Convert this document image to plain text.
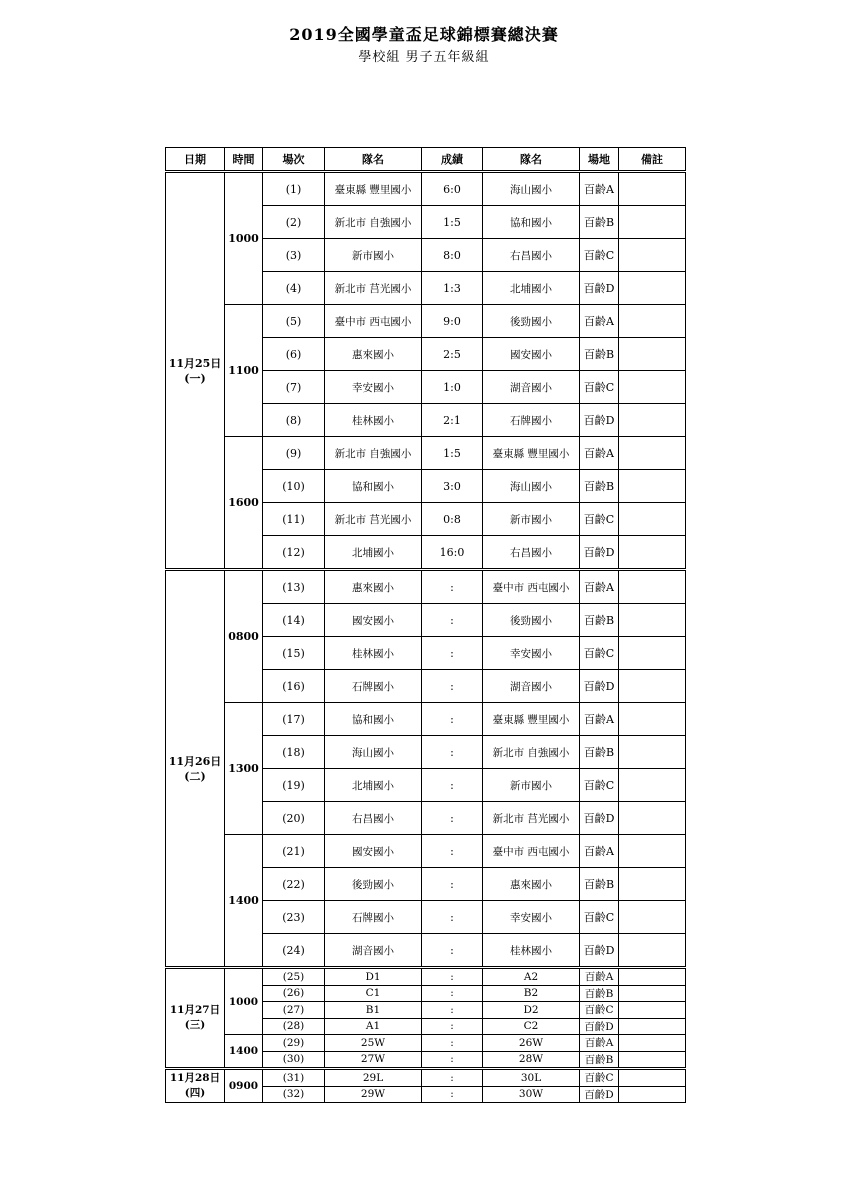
2019全國學童盃足球錦標賽總決賽
學校組 男子五年級組
日期	時間	場次	隊名	成績	隊名	場地	備註
11月25日
(一)	1000	(1)	臺東縣 豐里國小	6:0	海山國小	百齡A	
		(2)	新北市 自強國小	1:5	協和國小	百齡B	
		(3)	新市國小	8:0	右昌國小	百齡C	
		(4)	新北市 莒光國小	1:3	北埔國小	百齡D	
	1100	(5)	臺中市 西屯國小	9:0	後勁國小	百齡A	
		(6)	惠來國小	2:5	國安國小	百齡B	
		(7)	幸安國小	1:0	湖音國小	百齡C	
		(8)	桂林國小	2:1	石牌國小	百齡D	
	1600	(9)	新北市 自強國小	1:5	臺東縣 豐里國小	百齡A	
		(10)	協和國小	3:0	海山國小	百齡B	
		(11)	新北市 莒光國小	0:8	新市國小	百齡C	
		(12)	北埔國小	16:0	右昌國小	百齡D	
11月26日
(二)	0800	(13)	惠來國小	:	臺中市 西屯國小	百齡A	
		(14)	國安國小	:	後勁國小	百齡B	
		(15)	桂林國小	:	幸安國小	百齡C	
		(16)	石牌國小	:	湖音國小	百齡D	
	1300	(17)	協和國小	:	臺東縣 豐里國小	百齡A	
		(18)	海山國小	:	新北市 自強國小	百齡B	
		(19)	北埔國小	:	新市國小	百齡C	
		(20)	右昌國小	:	新北市 莒光國小	百齡D	
	1400	(21)	國安國小	:	臺中市 西屯國小	百齡A	
		(22)	後勁國小	:	惠來國小	百齡B	
		(23)	石牌國小	:	幸安國小	百齡C	
		(24)	湖音國小	:	桂林國小	百齡D	
11月27日
(三)	1000	(25)	D1	:	A2	百齡A	
		(26)	C1	:	B2	百齡B	
		(27)	B1	:	D2	百齡C	
		(28)	A1	:	C2	百齡D	
	1400	(29)	25W	:	26W	百齡A	
		(30)	27W	:	28W	百齡B	
11月28日
(四)	0900	(31)	29L	:	30L	百齡C	
		(32)	29W	:	30W	百齡D	
